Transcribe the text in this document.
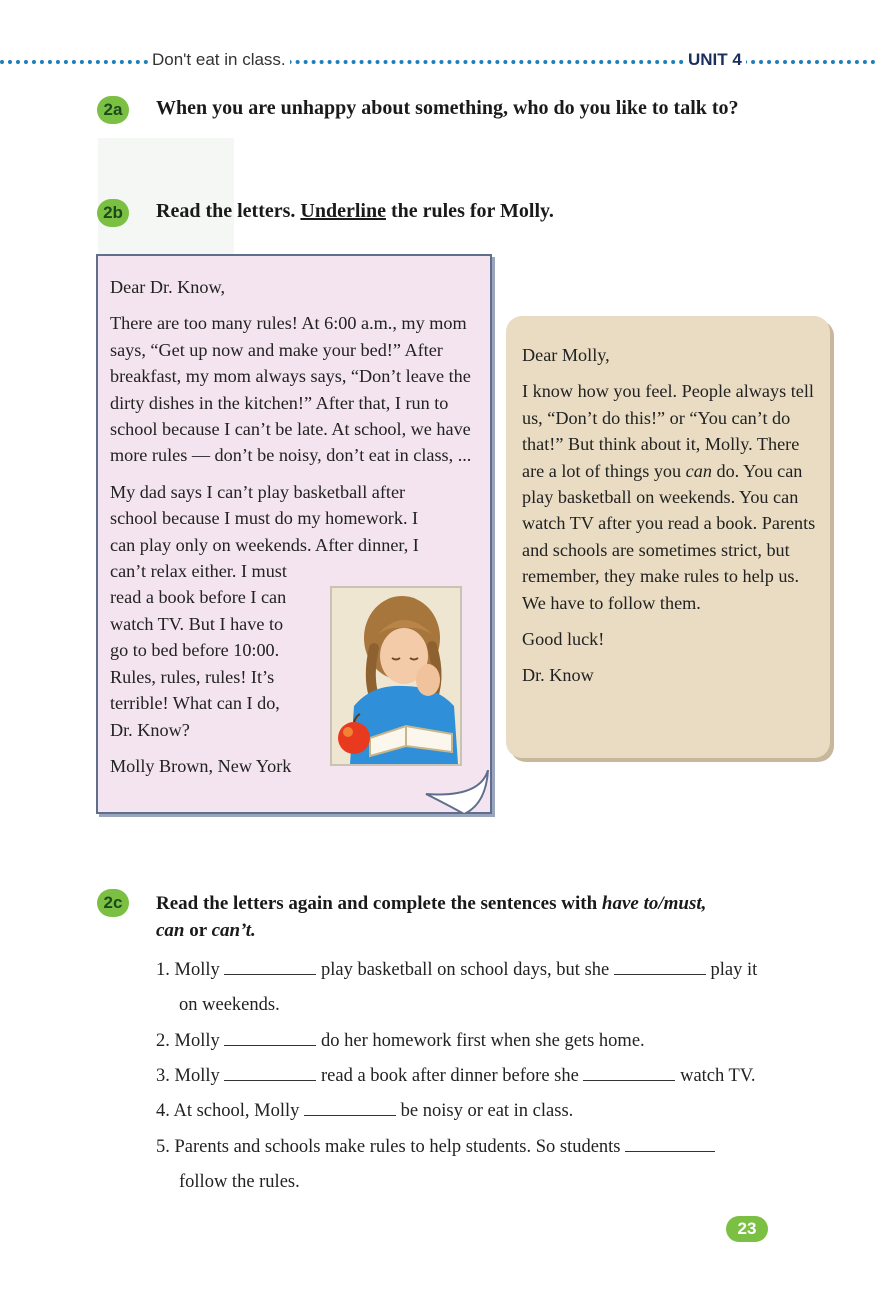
Don't eat in class.	UNIT 4
2a	When you are unhappy about something, who do you like to talk to?
2b	Read the letters. Underline the rules for Molly.

Dear Dr. Know,

There are too many rules! At 6:00 a.m., my mom says, “Get up now and make your bed!” After breakfast, my mom always says, “Don’t leave the dirty dishes in the kitchen!” After that, I run to school because I can’t be late. At school, we have more rules — don’t be noisy, don’t eat in class, ...

My dad says I can’t play basketball after
school because I must do my homework. I
can play only on weekends. After dinner, I
can’t relax either. I must
read a book before I can
watch TV. But I have to
go to bed before 10:00.
Rules, rules, rules! It’s
terrible! What can I do,
Dr. Know?

Molly Brown, New York

Dear Molly,
I know how you feel. People always tell us, “Don’t do this!” or “You can’t do that!” But think about it, Molly. There are a lot of things you can do. You can play basketball on weekends. You can watch TV after you read a book. Parents and schools are sometimes strict, but remember, they make rules to help us. We have to follow them.
Good luck!
Dr. Know
2c	Read the letters again and complete the sentences with have to/must,
can or can’t.
1. Molly	play basketball on school days, but she	play it
on weekends.
2. Molly	do her homework first when she gets home.
3. Molly	read a book after dinner before she	watch TV.
4. At school, Molly	be noisy or eat in class.
5. Parents and schools make rules to help students. So students
follow the rules.
23
